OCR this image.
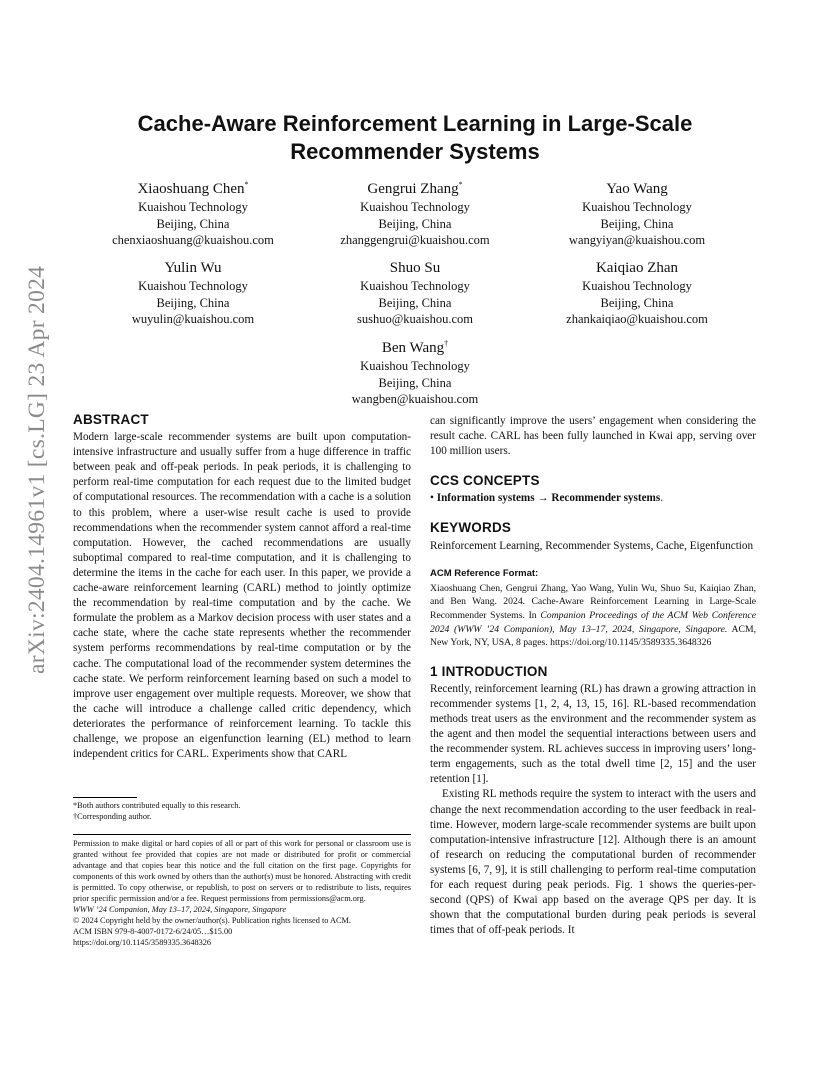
arXiv:2404.14961v1 [cs.LG] 23 Apr 2024
Cache-Aware Reinforcement Learning in Large-Scale
Recommender Systems
Xiaoshuang Chen*
Kuaishou Technology
Beijing, China
chenxiaoshuang@kuaishou.com
Gengrui Zhang*
Kuaishou Technology
Beijing, China
zhanggengrui@kuaishou.com
Yao Wang
Kuaishou Technology
Beijing, China
wangyiyan@kuaishou.com
Yulin Wu
Kuaishou Technology
Beijing, China
wuyulin@kuaishou.com
Shuo Su
Kuaishou Technology
Beijing, China
sushuo@kuaishou.com
Kaiqiao Zhan
Kuaishou Technology
Beijing, China
zhankaiqiao@kuaishou.com
Ben Wang†
Kuaishou Technology
Beijing, China
wangben@kuaishou.com
ABSTRACT

Modern large-scale recommender systems are built upon computation-intensive infrastructure and usually suffer from a huge difference in traffic between peak and off-peak periods. In peak periods, it is challenging to perform real-time computation for each request due to the limited budget of computational resources. The recommendation with a cache is a solution to this problem, where a user-wise result cache is used to provide recommendations when the recommender system cannot afford a real-time computation. However, the cached recommendations are usually suboptimal compared to real-time computation, and it is challenging to determine the items in the cache for each user. In this paper, we provide a cache-aware reinforcement learning (CARL) method to jointly optimize the recommendation by real-time computation and by the cache. We formulate the problem as a Markov decision process with user states and a cache state, where the cache state represents whether the recommender system performs recommendations by real-time computation or by the cache. The computational load of the recommender system determines the cache state. We perform reinforcement learning based on such a model to improve user engagement over multiple requests. Moreover, we show that the cache will introduce a challenge called critic dependency, which deteriorates the performance of reinforcement learning. To tackle this challenge, we propose an eigenfunction learning (EL) method to learn independent critics for CARL. Experiments show that CARL

*Both authors contributed equally to this research.
†Corresponding author.
Permission to make digital or hard copies of all or part of this work for personal or classroom use is granted without fee provided that copies are not made or distributed for profit or commercial advantage and that copies bear this notice and the full citation on the first page. Copyrights for components of this work owned by others than the author(s) must be honored. Abstracting with credit is permitted. To copy otherwise, or republish, to post on servers or to redistribute to lists, requires prior specific permission and/or a fee. Request permissions from permissions@acm.org.
WWW ’24 Companion, May 13–17, 2024, Singapore, Singapore
© 2024 Copyright held by the owner/author(s). Publication rights licensed to ACM.
ACM ISBN 979-8-4007-0172-6/24/05…$15.00
https://doi.org/10.1145/3589335.3648326

can significantly improve the users’ engagement when considering the result cache. CARL has been fully launched in Kwai app, serving over 100 million users.

CCS CONCEPTS

• Information systems → Recommender systems.

KEYWORDS

Reinforcement Learning, Recommender Systems, Cache, Eigenfunction

ACM Reference Format:

Xiaoshuang Chen, Gengrui Zhang, Yao Wang, Yulin Wu, Shuo Su, Kaiqiao Zhan, and Ben Wang. 2024. Cache-Aware Reinforcement Learning in Large-Scale Recommender Systems. In Companion Proceedings of the ACM Web Conference 2024 (WWW ’24 Companion), May 13–17, 2024, Singapore, Singapore. ACM, New York, NY, USA, 8 pages. https://doi.org/10.1145/3589335.3648326

1 INTRODUCTION

Recently, reinforcement learning (RL) has drawn a growing attraction in recommender systems [1, 2, 4, 13, 15, 16]. RL-based recommendation methods treat users as the environment and the recommender system as the agent and then model the sequential interactions between users and the recommender system. RL achieves success in improving users’ long-term engagements, such as the total dwell time [2, 15] and the user retention [1].

Existing RL methods require the system to interact with the users and change the next recommendation according to the user feedback in real-time. However, modern large-scale recommender systems are built upon computation-intensive infrastructure [12]. Although there is an amount of research on reducing the computational burden of recommender systems [6, 7, 9], it is still challenging to perform real-time computation for each request during peak periods. Fig. 1 shows the queries-per-second (QPS) of Kwai app based on the average QPS per day. It is shown that the computational burden during peak periods is several times that of off-peak periods. It
